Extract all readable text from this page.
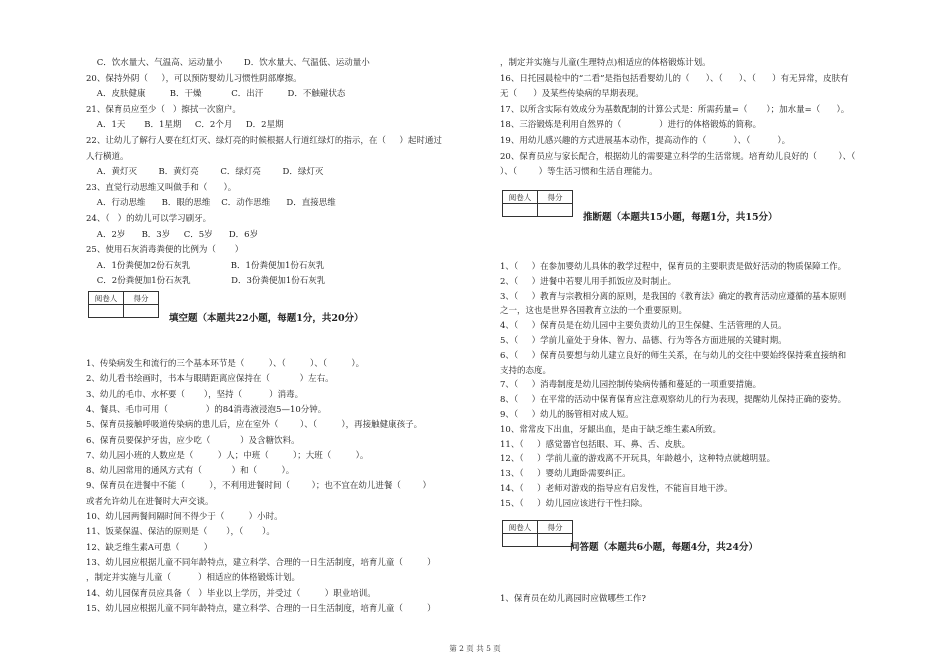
C．饮水量大、气温高、运动量小        D．饮水量大、气温低、运动量小
20、保持外阴（     ），可以预防婴幼儿习惯性阴部摩擦。
A．皮肤健康         B．干燥           C．出汗         D．不触碰状态
21、保育员应至少（   ）擦拭一次窗户。
A．1天       B．1星期     C．2个月     D．2星期
22、让幼儿了解行人要在红灯灭、绿灯亮的时候根据人行道红绿灯的指示，在（     ）起时通过
人行横道。
A．黄灯灭        B．黄灯亮        C．绿灯亮        D．绿灯灭
23、直觉行动思维又叫做手和（      ）。
A．行动思维      B．眼的思维    C．动作思维      D．直接思维
24、（   ）的幼儿可以学习刷牙。
A．2岁      B．3岁     C．5岁      D．6岁
25、使用石灰消毒粪便的比例为（       ）
A．1份粪便加2份石灰乳               B．1份粪便加1份石灰乳
C．2份粪便加1份石灰乳               D．3份粪便加1份石灰乳
阅卷人	得分

填空题（本题共22小题，每题1分，共20分）
1、传染病发生和流行的三个基本环节是（         ）、（         ）、（         ）。
2、幼儿看书绘画时，书本与眼睛距离应保持在（           ）左右。
3、幼儿的毛巾、水杯要（       ），坚持（          ）消毒。
4、餐具、毛巾可用（              ）的84消毒液浸泡5—10分钟。
5、保育员接触呼吸道传染病的患儿后，应在室外（        ）、（         ），再接触健康孩子。
6、保育员要保护牙齿，应少吃（           ）及含糖饮料。
7、幼儿园小班的人数应是（         ）人；中班（         ）；大班（         ）。
8、幼儿园常用的通风方式有（           ）和（         ）。
9、保育员在进餐中不能（         ），不利用进餐时间（        ）；也不宜在幼儿进餐（        ）
或者允许幼儿在进餐时大声交谈。
10、幼儿园两餐间隔时间不得少于（         ）小时。
11、饭菜保温、保洁的原则是（       ），（       ）。
12、缺乏维生素A可患（         ）
13、幼儿园应根据儿童不同年龄特点，建立科学、合理的一日生活制度，培育儿童（         ）
，制定并实施与儿童（          ）相适应的体格锻炼计划。
14、幼儿园保育员应具备（   ）毕业以上学历，并受过（         ）职业培训。
15、幼儿园应根据儿童不同年龄特点，建立科学、合理的一日生活制度，培育儿童（         ）
，制定并实施与儿童(生理特点)相适应的体格锻炼计划。
16、日托园晨检中的“二看”是指包括看婴幼儿的（      ）、（      ）、（      ）有无异常，皮肤有
无（      ）及某些传染病的早期表现。
17、以所含实际有效成分为基数配制的计算公式是：所需药量=（       ）；加水量=（      ）。
18、三浴锻炼是利用自然界的（              ）进行的体格锻炼的简称。
19、用幼儿感兴趣的方式进展基本动作，提高动作的（          ）、（          ）。
20、保育员应与家长配合，根据幼儿的需要建立科学的生活常规。培育幼儿良好的（        ）、（
）、（        ）等生活习惯和生活自理能力。
阅卷人	得分

推断题（本题共15小题，每题1分，共15分）
1、（     ）在参加婴幼儿具体的教学过程中，保育员的主要职责是做好活动的物质保障工作。
2、（     ）进餐中若婴儿用手抓饭应及时制止。
3、（     ）教育与宗教相分离的原则，是我国的《教育法》确定的教育活动应遵循的基本原则
之一，这也是世界各国教育立法的一个重要原则。
4、（     ）保育员是在幼儿园中主要负责幼儿的卫生保健、生活管理的人员。
5、（     ）学前儿童处于身体、智力、品德、行为等各方面进展的关键时期。
6、（     ）保育员要想与幼儿建立良好的师生关系，在与幼儿的交往中要始终保持乘直接纳和
支持的态度。
7、（     ）消毒制度是幼儿园控制传染病传播和蔓延的一项重要措施。
8、（     ）在平常的活动中保育保育应注意观察幼儿的行为表现，提醒幼儿保持正确的姿势。
9、（     ）幼儿的肠管相对成人短。
10、常常皮下出血，牙龈出血，是由于缺乏维生素A所致。
11、（     ）感觉器官包括眼、耳、鼻、舌、皮肤。
12、（     ）学前儿童的游戏离不开玩具，年龄越小，这种特点就越明显。
13、（     ）婴幼儿跑卧需要纠正。
14、（     ）老师对游戏的指导应有启发性，不能盲目地干涉。
15、（     ）幼儿园应该进行干性扫除。
阅卷人	得分

问答题（本题共6小题，每题4分，共24分）
1、保育员在幼儿离园时应做哪些工作?
第 2 页 共 5 页
